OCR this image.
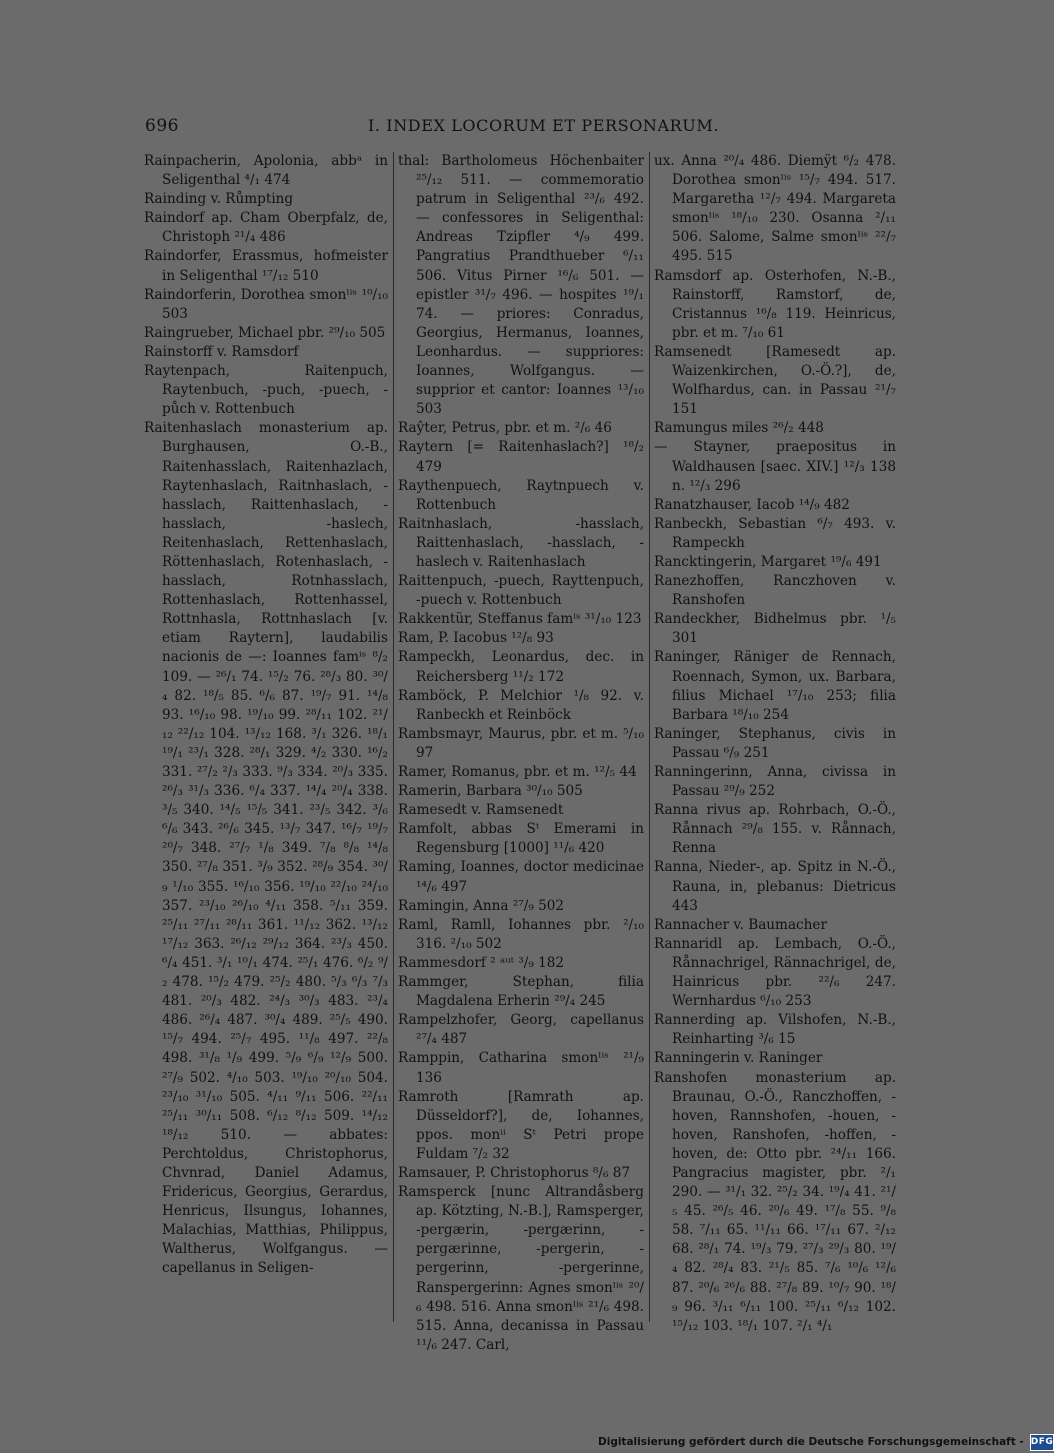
696	I. INDEX LOCORUM ET PERSONARUM.

Rainpacherin, Apolonia, abbᵃ in Seligenthal ⁴/₁ 474

Rainding v. Růmpting

Raindorf ap. Cham Oberpfalz, de, Christoph ²¹/₄ 486

Raindorfer, Erassmus, hofmeister in Seligenthal ¹⁷/₁₂ 510

Raindorferin, Dorothea smonˡⁱˢ ¹⁰/₁₀ 503

Raingrueber, Michael pbr. ²⁹/₁₀ 505

Rainstorff v. Ramsdorf

Raytenpach, Raitenpuch, Raytenbuch, -puch, -puech, -půch v. Rottenbuch

Raitenhaslach monasterium ap. Burghausen, O.-B., Raitenhasslach, Raitenhazlach, Raytenhaslach, Raitnhaslach, -hasslach, Raittenhaslach, -hasslach, -haslech, Reitenhaslach, Rettenhaslach, Röttenhaslach, Rotenhaslach, -hasslach, Rotnhasslach, Rottenhaslach, Rottenhassel, Rottnhasla, Rottnhaslach [v. etiam Raytern], laudabilis nacionis de —: Ioannes famⁱˢ ⁸/₂ 109. — ²⁶/₁ 74. ¹⁵/₂ 76. ²⁸/₃ 80. ³⁰/₄ 82. ¹⁸/₅ 85. ⁶/₆ 87. ¹⁹/₇ 91. ¹⁴/₈ 93. ¹⁶/₁₀ 98. ¹⁹/₁₀ 99. ²⁸/₁₁ 102. ²¹/₁₂ ²²/₁₂ 104. ¹³/₁₂ 168. ³/₁ 326. ¹⁸/₁ ¹⁹/₁ ²³/₁ 328. ²⁸/₁ 329. ⁴/₂ 330. ¹⁶/₂ 331. ²⁷/₂ ²/₃ 333. ⁹/₃ 334. ²⁰/₃ 335. ²⁶/₃ ³¹/₃ 336. ⁶/₄ 337. ¹⁴/₄ ²⁰/₄ 338. ³/₅ 340. ¹⁴/₅ ¹⁵/₅ 341. ²³/₅ 342. ³/₆ ⁶/₆ 343. ²⁶/₆ 345. ¹³/₇ 347. ¹⁶/₇ ¹⁹/₇ ²⁰/₇ 348. ²⁷/₇ ¹/₈ 349. ⁷/₈ ⁸/₈ ¹⁴/₈ 350. ²⁷/₈ 351. ³/₉ 352. ²⁸/₉ 354. ³⁰/₉ ¹/₁₀ 355. ¹⁶/₁₀ 356. ¹⁹/₁₀ ²²/₁₀ ²⁴/₁₀ 357. ²³/₁₀ ²⁶/₁₀ ⁴/₁₁ 358. ⁵/₁₁ 359. ²⁵/₁₁ ²⁷/₁₁ ²⁸/₁₁ 361. ¹¹/₁₂ 362. ¹³/₁₂ ¹⁷/₁₂ 363. ²⁶/₁₂ ²⁹/₁₂ 364. ²³/₃ 450. ⁶/₄ 451. ³/₁ ¹⁰/₁ 474. ²⁵/₁ 476. ⁶/₂ ⁹/₂ 478. ¹⁵/₂ 479. ²⁵/₂ 480. ⁵/₃ ⁶/₃ ⁷/₃ 481. ²⁰/₃ 482. ²⁴/₃ ³⁰/₃ 483. ²³/₄ 486. ²⁶/₄ 487. ³⁰/₄ 489. ²⁵/₅ 490. ¹⁵/₇ 494. ²⁵/₇ 495. ¹¹/₈ 497. ²²/₈ 498. ³¹/₈ ¹/₉ 499. ⁵/₉ ⁶/₉ ¹²/₉ 500. ²⁷/₉ 502. ⁴/₁₀ 503. ¹⁹/₁₀ ²⁰/₁₀ 504. ²³/₁₀ ³¹/₁₀ 505. ⁴/₁₁ ⁹/₁₁ 506. ²²/₁₁ ²⁵/₁₁ ³⁰/₁₁ 508. ⁶/₁₂ ⁸/₁₂ 509. ¹⁴/₁₂ ¹⁸/₁₂ 510. — abbates: Perchtoldus, Christophorus, Chvnrad, Daniel Adamus, Fridericus, Georgius, Gerardus, Henricus, Ilsungus, Iohannes, Malachias, Matthias, Philippus, Waltherus, Wolfgangus. — capellanus in Seligen-

thal: Bartholomeus Höchenbaiter ²⁵/₁₂ 511. — commemoratio patrum in Seligenthal ²³/₆ 492. — confessores in Seligenthal: Andreas Tzipfler ⁴/₉ 499. Pangratius Prandthueber ⁶/₁₁ 506. Vitus Pirner ¹⁶/₆ 501. — epistler ³¹/₇ 496. — hospites ¹⁹/₁ 74. — priores: Conradus, Georgius, Hermanus, Ioannes, Leonhardus. — suppriores: Ioannes, Wolfgangus. — supprior et cantor: Ioannes ¹³/₁₀ 503

Raŷter, Petrus, pbr. et m. ²/₆ 46

Raytern [= Raitenhaslach?] ¹⁸/₂ 479

Raythenpuech, Raytnpuech v. Rottenbuch

Raitnhaslach, -hasslach, Raittenhaslach, -hasslach, -haslech v. Raitenhaslach

Raittenpuch, -puech, Rayttenpuch, -puech v. Rottenbuch

Rakkentür, Steffanus famⁱˢ ³¹/₁₀ 123

Ram, P. Iacobus ¹²/₈ 93

Rampeckh, Leonardus, dec. in Reichersberg ¹¹/₂ 172

Ramböck, P. Melchior ¹/₈ 92. v. Ranbeckh et Reinböck

Rambsmayr, Maurus, pbr. et m. ⁵/₁₀ 97

Ramer, Romanus, pbr. et m. ¹²/₅ 44

Ramerin, Barbara ³⁰/₁₀ 505

Ramesedt v. Ramsenedt

Ramfolt, abbas Sᵗ Emerami in Regensburg [1000] ¹¹/₆ 420

Raming, Ioannes, doctor medicinae ¹⁴/₆ 497

Ramingin, Anna ²⁷/₉ 502

Raml, Ramll, Iohannes pbr. ²/₁₀ 316. ²/₁₀ 502

Rammesdorf ² ᵃᵘᵗ ³/₉ 182

Rammger, Stephan, filia Magdalena Erherin ²⁹/₄ 245

Rampelzhofer, Georg, capellanus ²⁷/₄ 487

Ramppin, Catharina smonˡⁱˢ ²¹/₉ 136

Ramroth [Ramrath ap. Düsseldorf?], de, Iohannes, ppos. monⁱⁱ Sᵗ Petri prope Fuldam ⁷/₂ 32

Ramsauer, P. Christophorus ⁸/₆ 87

Ramsperck [nunc Altrandåsberg ap. Kötzting, N.-B.], Ramsperger, -pergærin, -pergærinn, -pergærinne, -pergerin, -pergerinn, -pergerinne, Ranspergerinn: Agnes smonˡⁱˢ ²⁰/₆ 498. 516. Anna smonˡⁱˢ ²¹/₆ 498. 515. Anna, decanissa in Passau ¹¹/₆ 247. Carl,

ux. Anna ²⁰/₄ 486. Diemÿt ⁶/₂ 478. Dorothea smonˡⁱˢ ¹⁵/₇ 494. 517. Margaretha ¹²/₇ 494. Margareta smonˡⁱˢ ¹⁸/₁₀ 230. Osanna ²/₁₁ 506. Salome, Salme smonˡⁱˢ ²²/₇ 495. 515

Ramsdorf ap. Osterhofen, N.-B., Rainstorff, Ramstorf, de, Cristannus ¹⁶/₈ 119. Heinricus, pbr. et m. ⁷/₁₀ 61

Ramsenedt [Ramesedt ap. Waizenkirchen, O.-Ö.?], de, Wolfhardus, can. in Passau ²¹/₇ 151

Ramungus miles ²⁶/₂ 448

— Stayner, praepositus in Waldhausen [saec. XIV.] ¹²/₃ 138 n. ¹²/₃ 296

Ranatzhauser, Iacob ¹⁴/₉ 482

Ranbeckh, Sebastian ⁶/₇ 493. v. Rampeckh

Rancktingerin, Margaret ¹⁹/₆ 491

Ranezhoffen, Ranczhoven v. Ranshofen

Randeckher, Bidhelmus pbr. ¹/₅ 301

Raninger, Räniger de Rennach, Roennach, Symon, ux. Barbara, filius Michael ¹⁷/₁₀ 253; filia Barbara ¹⁸/₁₀ 254

Raninger, Stephanus, civis in Passau ⁶/₉ 251

Ranningerinn, Anna, civissa in Passau ²⁹/₉ 252

Ranna rivus ap. Rohrbach, O.-Ö., Rånnach ²⁹/₈ 155. v. Rånnach, Renna

Ranna, Nieder-, ap. Spitz in N.-Ö., Rauna, in, plebanus: Dietricus 443

Rannacher v. Baumacher

Rannaridl ap. Lembach, O.-Ö., Rånnachrigel, Rännachrigel, de, Hainricus pbr. ²²/₆ 247. Wernhardus ⁶/₁₀ 253

Rannerding ap. Vilshofen, N.-B., Reinharting ³/₆ 15

Ranningerin v. Raninger

Ranshofen monasterium ap. Braunau, O.-Ö., Ranczhoffen, -hoven, Rannshofen, -houen, -hoven, Ranshofen, -hoffen, -hoven, de: Otto pbr. ²⁴/₁₁ 166. Pangracius magister, pbr. ²/₁ 290. — ³¹/₁ 32. ²⁵/₂ 34. ¹⁹/₄ 41. ²¹/₅ 45. ²⁶/₅ 46. ²⁰/₆ 49. ¹⁷/₈ 55. ⁹/₈ 58. ⁷/₁₁ 65. ¹¹/₁₁ 66. ¹⁷/₁₁ 67. ²/₁₂ 68. ²⁸/₁ 74. ¹⁹/₃ 79. ²⁷/₃ ²⁹/₃ 80. ¹⁹/₄ 82. ²⁸/₄ 83. ²¹/₅ 85. ⁷/₆ ¹⁰/₆ ¹²/₆ 87. ²⁰/₆ ²⁶/₆ 88. ²⁷/₈ 89. ¹⁰/₇ 90. ¹⁸/₉ 96. ³/₁₁ ⁶/₁₁ 100. ²⁵/₁₁ ⁶/₁₂ 102. ¹⁵/₁₂ 103. ¹⁸/₁ 107. ²/₁ ⁴/₁

Digitalisierung gefördert durch die Deutsche Forschungsgemeinschaft - DFG
